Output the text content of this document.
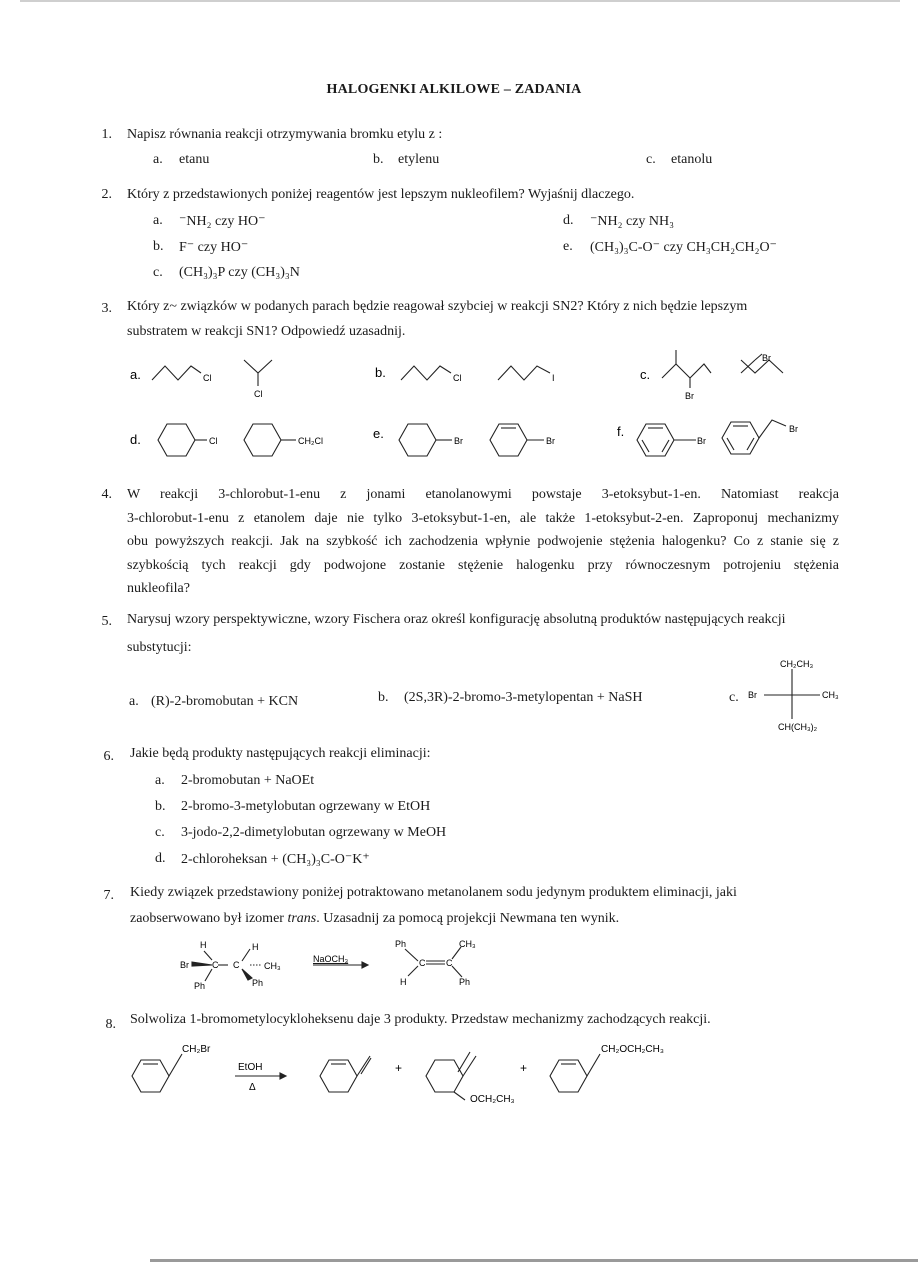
HALOGENKI ALKILOWE – ZADANIA
1. Napisz równania reakcji otrzymywania bromku etylu z :
a. etanu	b. etylenu	c. etanolu
2. Który z przedstawionych poniżej reagentów jest lepszym nukleofilem? Wyjaśnij dlaczego.
a. ⁻NH₂ czy HO⁻
b. F⁻ czy HO⁻
c. (CH₃)₃P czy (CH₃)₃N
d. ⁻NH₂ czy NH₃
e. (CH₃)₃C-O⁻ czy CH₃CH₂CH₂O⁻
3. Który z~ związków w podanych parach będzie reagował szybciej w reakcji SN2? Który z nich będzie lepszym
substratem w reakcji SN1? Odpowiedź uzasadnij.
a.	Cl
Cl
b.	Cl	I	c.
Br
Br
d.	Cl	CH₂Cl	e.	Br	Br
f.
Br
Br
4. W reakcji 3-chlorobut-1-enu z jonami etanolanowymi powstaje 3-etoksybut-1-en. Natomiast reakcja
3-chlorobut-1-enu z etanolem daje nie tylko 3-etoksybut-1-en, ale także 1-etoksybut-2-en. Zaproponuj mechanizmy
obu powyższych reakcji. Jak na szybkość ich zachodzenia wpłynie podwojenie stężenia halogenku? Co z stanie się z
szybkością tych reakcji gdy podwojone zostanie stężenie halogenku przy równoczesnym potrojeniu stężenia
nukleofila?
5. Narysuj wzory perspektywiczne, wzory Fischera oraz określ konfigurację absolutną produktów następujących reakcji
substytucji:
a. (R)-2-bromobutan + KCN	b. (2S,3R)-2-bromo-3-metylopentan + NaSH	c.
CH₂CH₃
Br	CH₃
CH(CH₃)₂
6. Jakie będą produkty następujących reakcji eliminacji:
a. 2-bromobutan + NaOEt
b. 2-bromo-3-metylobutan ogrzewany w EtOH
c. 3-jodo-2,2-dimetylobutan ogrzewany w MeOH
d. 2-chloroheksan + (CH₃)₃C-O⁻K⁺
7. Kiedy związek przedstawiony poniżej potraktowano metanolanem sodu jedynym produktem eliminacji, jaki
zaobserwowano był izomer trans. Uzasadnij za pomocą projekcji Newmana ten wynik.
H	H
Br	C C	CH₃
Ph	Ph
NaOCH₃
Ph	CH₃
C C
H	Ph
8. Solwoliza 1-bromometylocykloheksenu daje 3 produkty. Przedstaw mechanizmy zachodzących reakcji.
CH₂Br
EtOH
Δ
+	+
OCH₂CH₃
CH₂OCH₂CH₃
